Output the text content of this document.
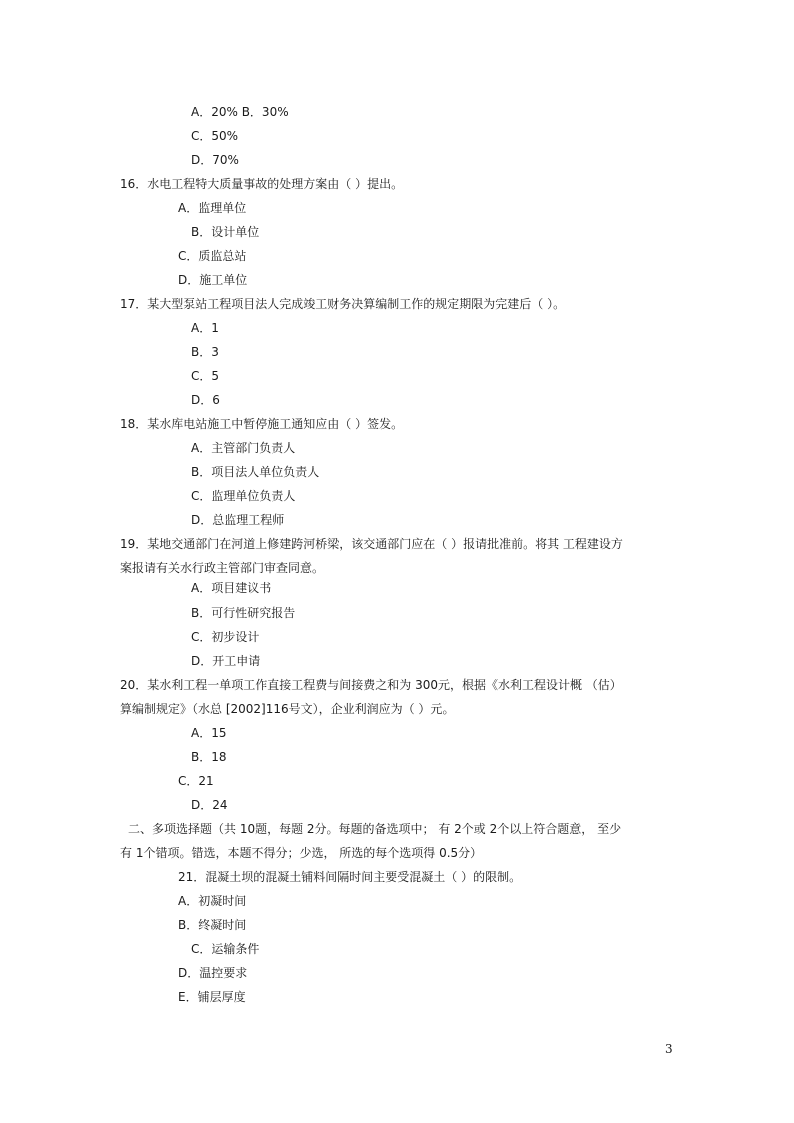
A．20% B．30%
C．50%
D．70%
16．水电工程特大质量事故的处理方案由（ ）提出。
A．监理单位
B．设计单位
C．质监总站
D．施工单位
17．某大型泵站工程项目法人完成竣工财务决算编制工作的规定期限为完建后（ ）。
A．1
B．3
C．5
D．6
18．某水库电站施工中暂停施工通知应由（ ）签发。
A．主管部门负责人
B．项目法人单位负责人
C．监理单位负责人
D．总监理工程师
19．某地交通部门在河道上修建跨河桥梁，该交通部门应在（ ）报请批准前。将其 工程建设方
案报请有关水行政主管部门审查同意。
A．项目建议书
B．可行性研究报告
C．初步设计
D．开工申请
20．某水利工程一单项工作直接工程费与间接费之和为 300元，根据《水利工程设计概 （估）
算编制规定》（水总 [2002]116号文），企业利润应为（ ）元。
A．15
B．18
C．21
D．24
二、多项选择题（共 10题，每题 2分。每题的备选项中； 有 2个或 2个以上符合题意， 至少
有 1个错项。错选，本题不得分；少选， 所选的每个选项得 0.5分）
21．混凝土坝的混凝土铺料间隔时间主要受混凝土（ ）的限制。
A．初凝时间
B．终凝时间
C．运输条件
D．温控要求
E．铺层厚度
3
